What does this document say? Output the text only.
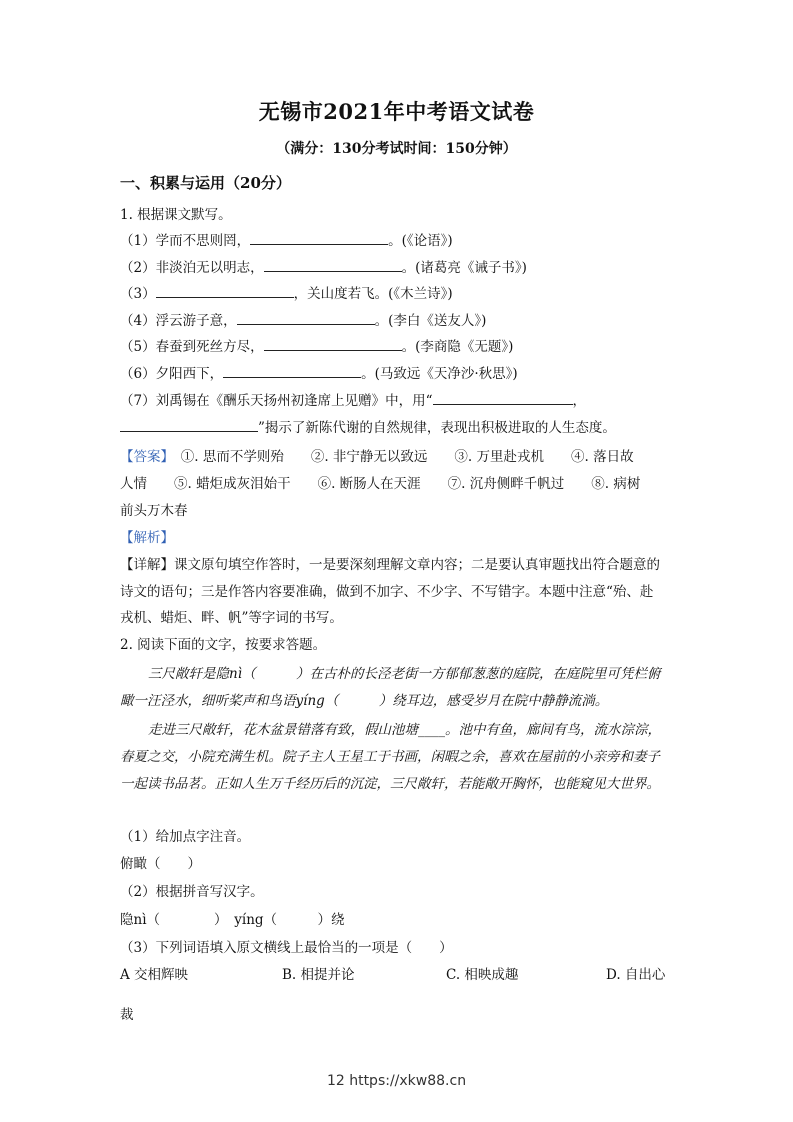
无锡市2021年中考语文试卷
（满分：130分考试时间：150分钟）
一、积累与运用（20分）
1. 根据课文默写。
（1）学而不思则罔，	。(《论语》)
（2）非淡泊无以明志，	。(诸葛亮《诫子书》)
（3）	，关山度若飞。(《木兰诗》)
（4）浮云游子意，	。(李白《送友人》)
（5）春蚕到死丝方尽，	。(李商隐《无题》)
（6）夕阳西下，	。(马致远《天净沙·秋思》)
（7）刘禹锡在《酬乐天扬州初逢席上见赠》中，用“	，
”揭示了新陈代谢的自然规律，表现出积极进取的人生态度。
【答案】　 ①. 思而不学则殆　　②. 非宁静无以致远　　③. 万里赴戎机　　④. 落日故
人情　　⑤. 蜡炬成灰泪始干　　⑥. 断肠人在天涯　　⑦. 沉舟侧畔千帆过　　⑧. 病树
前头万木春
【解析】
【详解】课文原句填空作答时，一是要深刻理解文章内容；二是要认真审题找出符合题意的
诗文的语句；三是作答内容要准确，做到不加字、不少字、不写错字。本题中注意“殆、赴
戎机、蜡炬、畔、帆”等字词的书写。
2. 阅读下面的文字，按要求答题。
三尺敞轩是隐nì（　　　）在古朴的长泾老街一方郁郁葱葱的庭院，在庭院里可凭栏俯
瞰一汪泾水，细听桨声和鸟语yíng（　　　）绕耳边，感受岁月在院中静静流淌。
走进三尺敞轩，花木盆景错落有致，假山池塘____。池中有鱼，廊间有鸟，流水淙淙，
春夏之交，小院充满生机。院子主人王星工于书画，闲暇之余，喜欢在屋前的小亲旁和妻子
一起读书品茗。正如人生万千经历后的沉淀，三尺敞轩，若能敞开胸怀，也能窥见大世界。
（1）给加点字注音。
俯瞰（　　）
（2）根据拼音写汉字。
隐nì（　　　　）　yíng（　　　）绕
（3）下列词语填入原文横线上最恰当的一项是（　　）
A 交相辉映	B. 相提并论	C. 相映成趣	D. 自出心
裁
12 https://xkw88.cn
